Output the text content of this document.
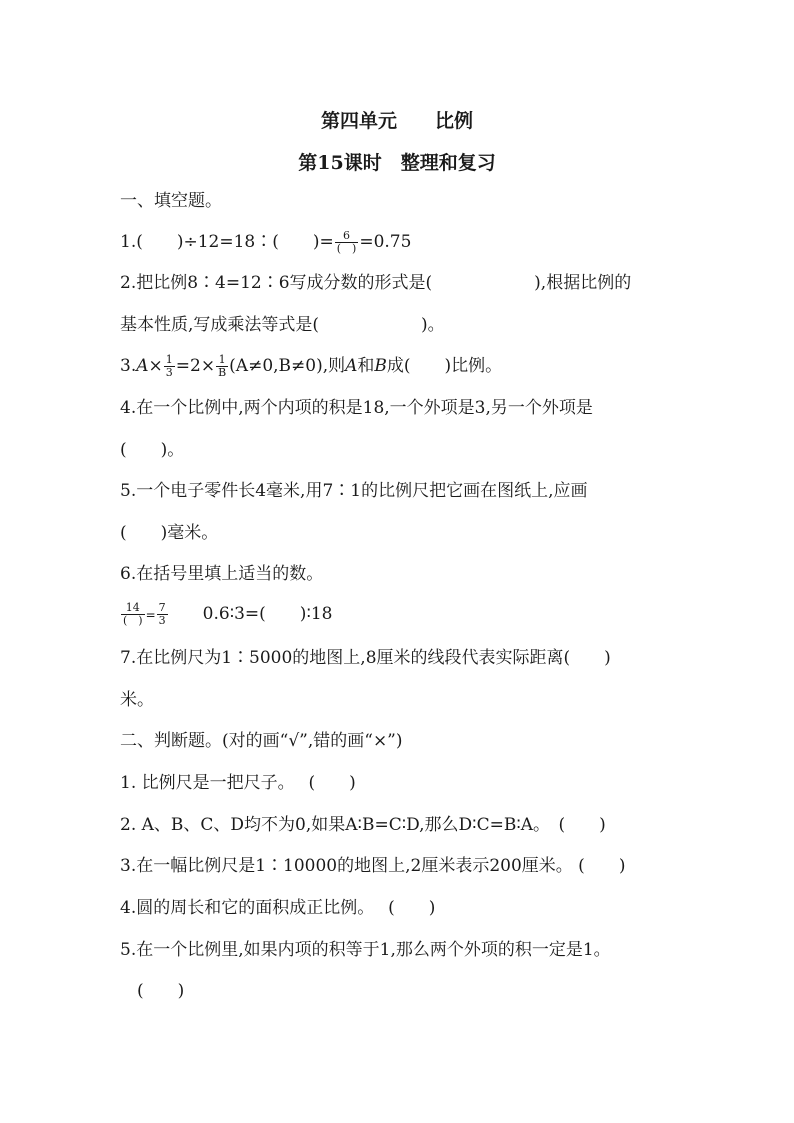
第四单元　　比例
第15课时　整理和复习
一、填空题。
1.(　　)÷12=18∶(　　)= $\frac{6}{( )} =0.75$
2.把比例8∶4=12∶6写成分数的形式是(　　　　　　),根据比例的
基本性质,写成乘法等式是(　　　　　　)。
$3.A\times \frac{1}{3} =2\times \frac{1}{B} (A\ne 0,B\ne 0)$,则A和B成(　　)比例。
4.在一个比例中,两个内项的积是18,一个外项是3,另一个外项是
(　　)。
5.一个电子零件长4毫米,用7∶1的比例尺把它画在图纸上,应画
(　　)毫米。
6.在括号里填上适当的数。
$\frac{14}{( )} = \frac{7}{3}$ 0.6∶3=(　　)∶18
7.在比例尺为1∶5000的地图上,8厘米的线段代表实际距离(　　)
米。
二、判断题。(对的画“√”,错的画“×”)
1. 比例尺是一把尺子。　 (　　)
2. A、B、C、D均不为0,如果A∶B=C∶D,那么D∶C=B∶A。　(　　)
3.在一幅比例尺是1∶10000的地图上,2厘米表示200厘米。 (　　)
4.圆的周长和它的面积成正比例。　 (　　)
5.在一个比例里,如果内项的积等于1,那么两个外项的积一定是1。
　(　　)
